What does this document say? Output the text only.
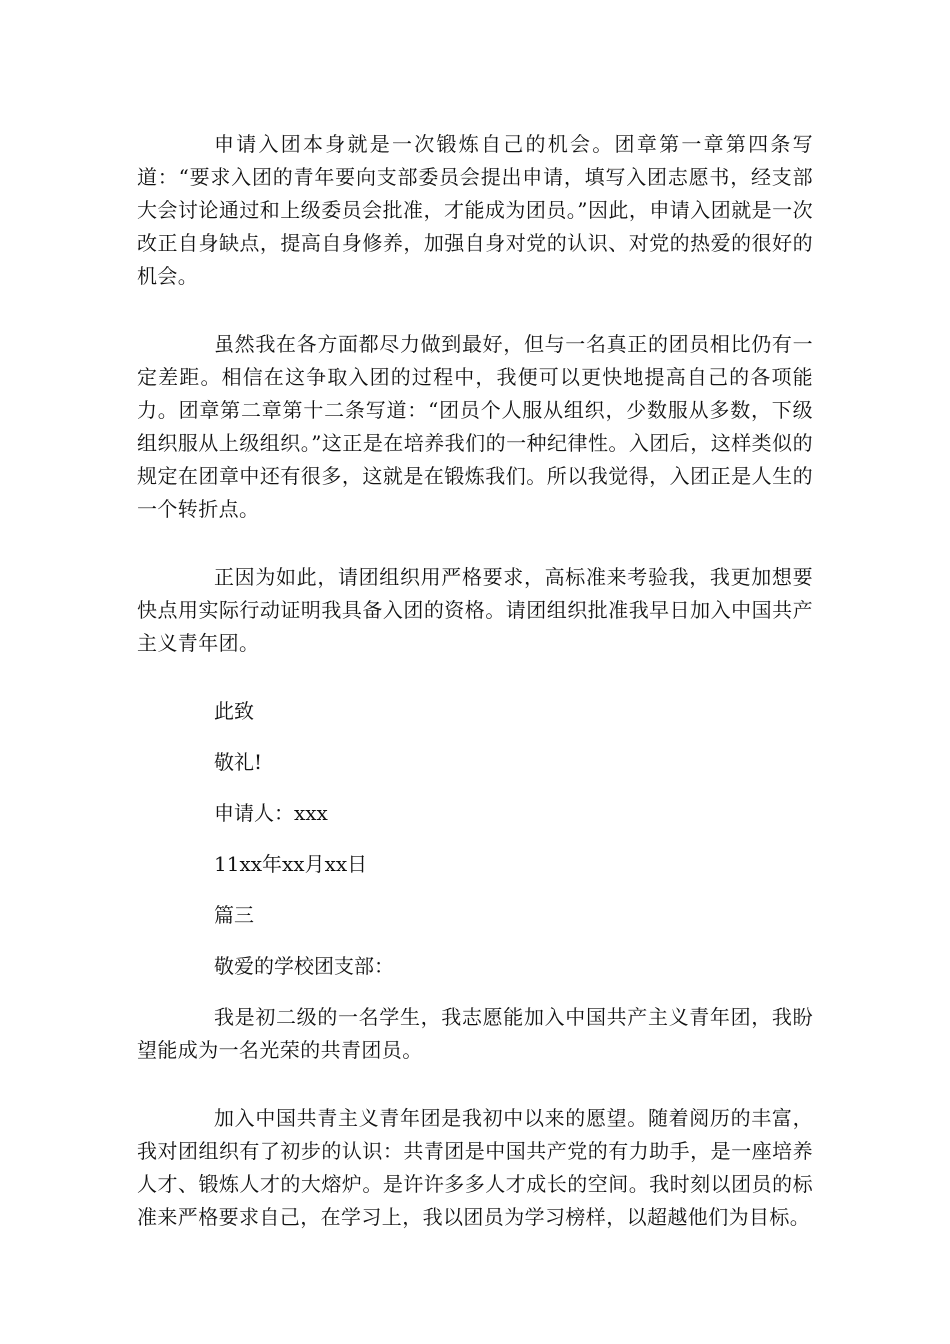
申请入团本身就是一次锻炼自己的机会。团章第一章第四条写道：“要求入团的青年要向支部委员会提出申请，填写入团志愿书，经支部大会讨论通过和上级委员会批准，才能成为团员。”因此，申请入团就是一次改正自身缺点，提高自身修养，加强自身对党的认识、对党的热爱的很好的机会。

虽然我在各方面都尽力做到最好，但与一名真正的团员相比仍有一定差距。相信在这争取入团的过程中，我便可以更快地提高自己的各项能力。团章第二章第十二条写道：“团员个人服从组织，少数服从多数，下级组织服从上级组织。”这正是在培养我们的一种纪律性。入团后，这样类似的规定在团章中还有很多，这就是在锻炼我们。所以我觉得，入团正是人生的一个转折点。

正因为如此，请团组织用严格要求，高标准来考验我，我更加想要快点用实际行动证明我具备入团的资格。请团组织批准我早日加入中国共产主义青年团。

此致

敬礼!

申请人：xxx

11xx年xx月xx日

篇三

敬爱的学校团支部：

我是初二级的一名学生，我志愿能加入中国共产主义青年团，我盼望能成为一名光荣的共青团员。

加入中国共青主义青年团是我初中以来的愿望。随着阅历的丰富，我对团组织有了初步的认识：共青团是中国共产党的有力助手，是一座培养人才、锻炼人才的大熔炉。是许许多多人才成长的空间。我时刻以团员的标准来严格要求自己，在学习上，我以团员为学习榜样，以超越他们为目标。
